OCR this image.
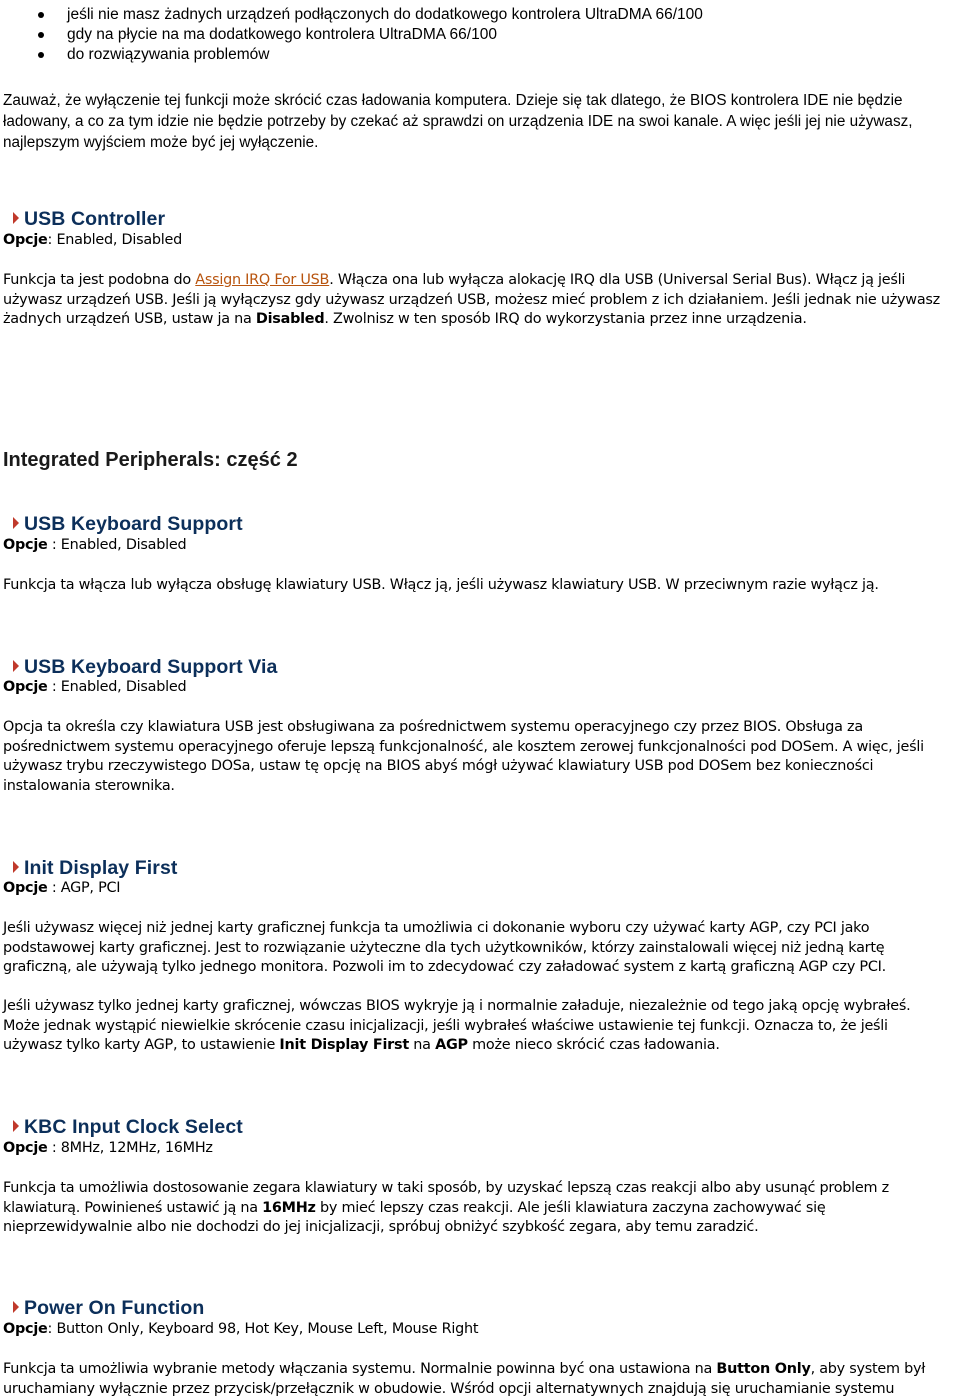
jeśli nie masz żadnych urządzeń podłączonych do dodatkowego kontrolera UltraDMA 66/100
gdy na płycie na ma dodatkowego kontrolera UltraDMA 66/100
do rozwiązywania problemów
Zauważ, że wyłączenie tej funkcji może skrócić czas ładowania komputera. Dzieje się tak dlatego, że BIOS kontrolera IDE nie będzie
ładowany, a co za tym idzie nie będzie potrzeby by czekać aż sprawdzi on urządzenia IDE na swoi kanale. A więc jeśli jej nie używasz,
najlepszym wyjściem może być jej wyłączenie.
USB Controller
Opcje: Enabled, Disabled
Funkcja ta jest podobna do Assign IRQ For USB. Włącza ona lub wyłącza alokację IRQ dla USB (Universal Serial Bus). Włącz ją jeśli
używasz urządzeń USB. Jeśli ją wyłączysz gdy używasz urządzeń USB, możesz mieć problem z ich działaniem. Jeśli jednak nie używasz
żadnych urządzeń USB, ustaw ja na Disabled. Zwolnisz w ten sposób IRQ do wykorzystania przez inne urządzenia.
Integrated Peripherals: część 2
USB Keyboard Support
Opcje : Enabled, Disabled
Funkcja ta włącza lub wyłącza obsługę klawiatury USB. Włącz ją, jeśli używasz klawiatury USB. W przeciwnym razie wyłącz ją.
USB Keyboard Support Via
Opcje : Enabled, Disabled
Opcja ta określa czy klawiatura USB jest obsługiwana za pośrednictwem systemu operacyjnego czy przez BIOS. Obsługa za
pośrednictwem systemu operacyjnego oferuje lepszą funkcjonalność, ale kosztem zerowej funkcjonalności pod DOSem. A więc, jeśli
używasz trybu rzeczywistego DOSa, ustaw tę opcję na BIOS abyś mógł używać klawiatury USB pod DOSem bez konieczności
instalowania sterownika.
Init Display First
Opcje : AGP, PCI
Jeśli używasz więcej niż jednej karty graficznej funkcja ta umożliwia ci dokonanie wyboru czy używać karty AGP, czy PCI jako
podstawowej karty graficznej. Jest to rozwiązanie użyteczne dla tych użytkowników, którzy zainstalowali więcej niż jedną kartę
graficzną, ale używają tylko jednego monitora. Pozwoli im to zdecydować czy załadować system z kartą graficzną AGP czy PCI.
Jeśli używasz tylko jednej karty graficznej, wówczas BIOS wykryje ją i normalnie załaduje, niezależnie od tego jaką opcję wybrałeś.
Może jednak wystąpić niewielkie skrócenie czasu inicjalizacji, jeśli wybrałeś właściwe ustawienie tej funkcji. Oznacza to, że jeśli
używasz tylko karty AGP, to ustawienie Init Display First na AGP może nieco skrócić czas ładowania.
KBC Input Clock Select
Opcje : 8MHz, 12MHz, 16MHz
Funkcja ta umożliwia dostosowanie zegara klawiatury w taki sposób, by uzyskać lepszą czas reakcji albo aby usunąć problem z
klawiaturą. Powinieneś ustawić ją na 16MHz by mieć lepszy czas reakcji. Ale jeśli klawiatura zaczyna zachowywać się
nieprzewidywalnie albo nie dochodzi do jej inicjalizacji, spróbuj obniżyć szybkość zegara, aby temu zaradzić.
Power On Function
Opcje: Button Only, Keyboard 98, Hot Key, Mouse Left, Mouse Right
Funkcja ta umożliwia wybranie metody włączania systemu. Normalnie powinna być ona ustawiona na Button Only, aby system był
uruchamiany wyłącznie przez przycisk/przełącznik w obudowie. Wśród opcji alternatywnych znajdują się uruchamianie systemu
